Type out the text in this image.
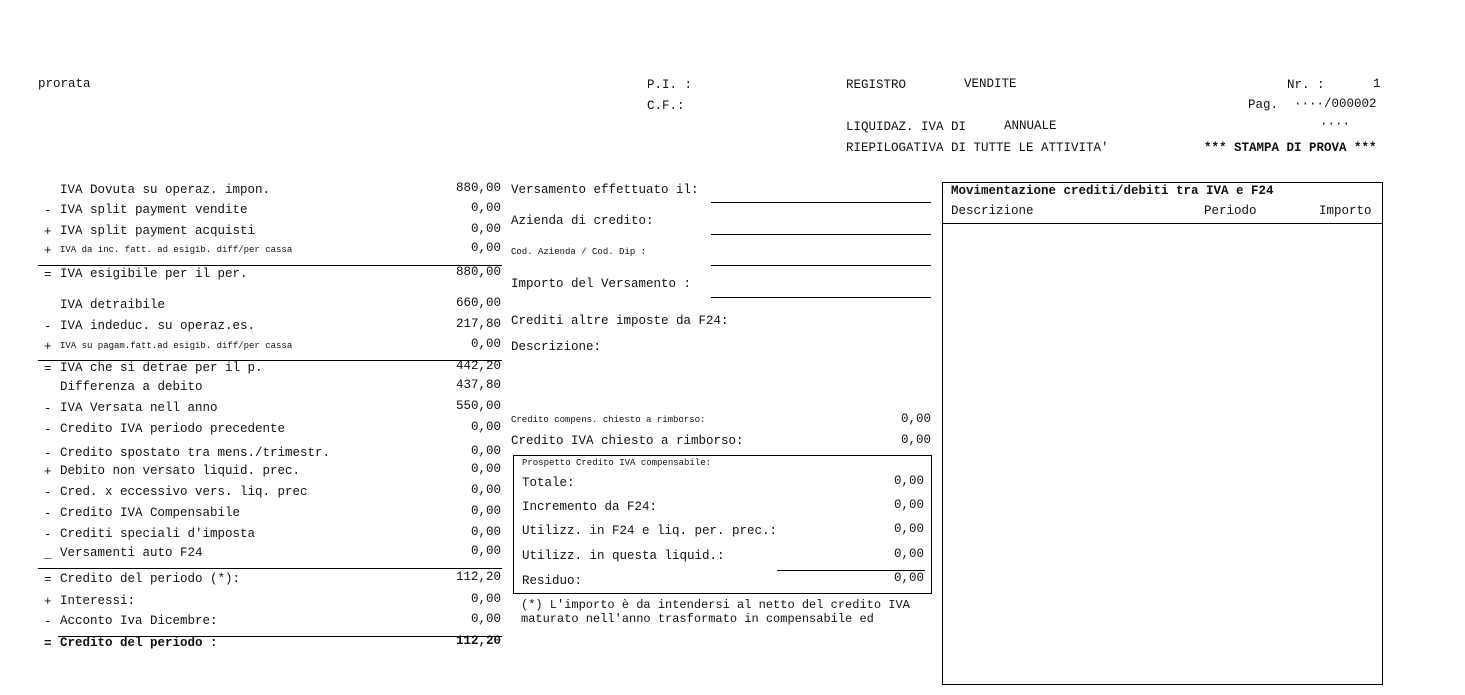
prorata	P.I. :
C.F.:
REGISTRO	VENDITE	Nr. :	1
Pag. ····/000002
····
LIQUIDAZ. IVA DI	ANNUALE
RIEPILOGATIVA DI TUTTE LE ATTIVITA'	*** STAMPA DI PROVA ***
IVA Dovuta su operaz. impon.	880,00
- IVA split payment vendite	0,00
+ IVA split payment acquisti	0,00
+ IVA da inc. fatt. ad esigib. diff/per cassa	0,00
= IVA esigibile per il per.	880,00
IVA detraibile	660,00
- IVA indeduc. su operaz.es.	217,80
+ IVA su pagam.fatt.ad esigib. diff/per cassa	0,00
= IVA che si detrae per il p.	442,20
Differenza a debito	437,80
- IVA Versata nell anno	550,00
- Credito IVA periodo precedente	0,00
- Credito spostato tra mens./trimestr.	0,00
+ Debito non versato liquid. prec.	0,00
- Cred. x eccessivo vers. liq. prec	0,00
- Credito IVA Compensabile	0,00
- Crediti speciali d'imposta	0,00
_ Versamenti auto F24	0,00
= Credito del periodo (*):	112,20
+ Interessi:	0,00
- Acconto Iva Dicembre:	0,00
= Credito del periodo :	112,20
Versamento effettuato il:
Azienda di credito:
Cod. Azienda / Cod. Dip :
Importo del Versamento :
Crediti altre imposte da F24:
Descrizione:
Credito compens. chiesto a rimborso:	0,00
Credito IVA chiesto a rimborso:	0,00
Prospetto Credito IVA compensabile:
Totale:	0,00
Incremento da F24:	0,00
Utilizz. in F24 e liq. per. prec.:	0,00
Utilizz. in questa liquid.:	0,00
Residuo:	0,00
(*) L'importo è da intendersi al netto del credito IVA
maturato nell'anno trasformato in compensabile ed
Movimentazione crediti/debiti tra IVA e F24
Descrizione	Periodo	Importo
